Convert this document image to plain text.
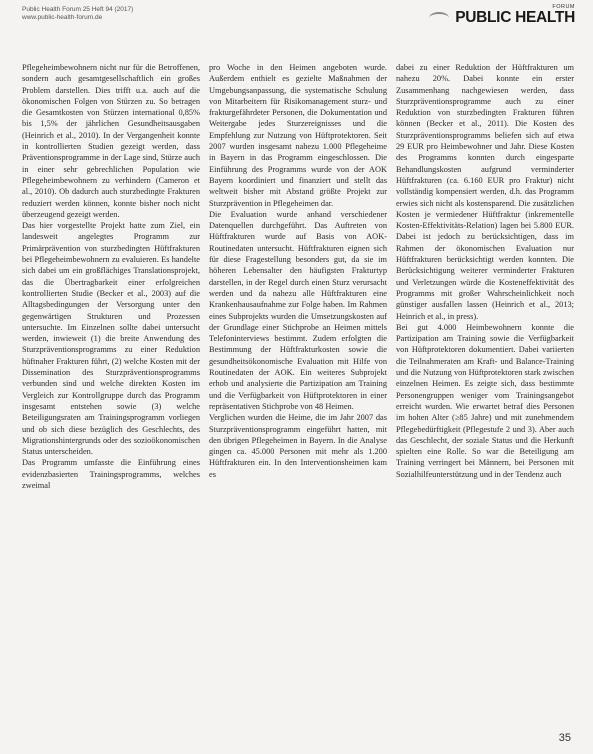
Public Health Forum 25 Heft 94 (2017)
www.public-health-forum.de
FORUM
PUBLIC HEALTH

Pflegeheimbewohnern nicht nur für die Betroffenen, sondern auch gesamtgesellschaftlich ein großes Problem darstellen. Dies trifft u.a. auch auf die ökonomischen Folgen von Stürzen zu. So betragen die Gesamtkosten von Stürzen international 0,85% bis 1,5% der jährlichen Gesundheitsausgaben (Heinrich et al., 2010). In der Vergangenheit konnte in kontrollierten Studien gezeigt werden, dass Präventionsprogramme in der Lage sind, Stürze auch in einer sehr gebrechlichen Population wie Pflegeheimbewohnern zu verhindern (Cameron et al., 2010). Ob dadurch auch sturzbedingte Frakturen reduziert werden können, konnte bisher noch nicht überzeugend gezeigt werden.

Das hier vorgestellte Projekt hatte zum Ziel, ein landesweit angelegtes Programm zur Primärprävention von sturzbedingten Hüftfrakturen bei Pflegeheimbewohnern zu evaluieren. Es handelte sich dabei um ein großflächiges Translationsprojekt, das die Übertragbarkeit einer erfolgreichen kontrollierten Studie (Becker et al., 2003) auf die Alltagsbedingungen der Versorgung unter den gegenwärtigen Strukturen und Prozessen untersuchte. Im Einzelnen sollte dabei untersucht werden, inwieweit (1) die breite Anwendung des Sturzpräventionsprogramms zu einer Reduktion hüftnaher Frakturen führt, (2) welche Kosten mit der Dissemination des Sturzpräventionsprogramms verbunden sind und welche direkten Kosten im Vergleich zur Kontrollgruppe durch das Programm insgesamt entstehen sowie (3) welche Beteiligungsraten am Trainingsprogramm vorliegen und ob sich diese bezüglich des Geschlechts, des Migrationshintergrunds oder des sozioökonomischen Status unterscheiden.

Das Programm umfasste die Einführung eines evidenzbasierten Trainingsprogramms, welches zweimal

pro Woche in den Heimen angeboten wurde. Außerdem enthielt es gezielte Maßnahmen der Umgebungsanpassung, die systematische Schulung von Mitarbeitern für Risikomanagement sturz- und frakturgefährdeter Personen, die Dokumentation und Weitergabe jedes Sturzereignisses und die Empfehlung zur Nutzung von Hüftprotektoren. Seit 2007 wurden insgesamt nahezu 1.000 Pflegeheime in Bayern in das Programm eingeschlossen. Die Einführung des Programms wurde von der AOK Bayern koordiniert und finanziert und stellt das weltweit bisher mit Abstand größte Projekt zur Sturzprävention in Pflegeheimen dar.

Die Evaluation wurde anhand verschiedener Datenquellen durchgeführt. Das Auftreten von Hüftfrakturen wurde auf Basis von AOK-Routinedaten untersucht. Hüftfrakturen eignen sich für diese Fragestellung besonders gut, da sie im höheren Lebensalter den häufigsten Frakturtyp darstellen, in der Regel durch einen Sturz verursacht werden und da nahezu alle Hüftfrakturen eine Krankenhausaufnahme zur Folge haben. Im Rahmen eines Subprojekts wurden die Umsetzungskosten auf der Grundlage einer Stichprobe an Heimen mittels Telefoninterviews bestimmt. Zudem erfolgten die Bestimmung der Hüftfrakturkosten sowie die gesundheitsökonomische Evaluation mit Hilfe von Routinedaten der AOK. Ein weiteres Subprojekt erhob und analysierte die Partizipation am Training und die Verfügbarkeit von Hüftprotektoren in einer repräsentativen Stichprobe von 48 Heimen.

Verglichen wurden die Heime, die im Jahr 2007 das Sturzpräventionsprogramm eingeführt hatten, mit den übrigen Pflegeheimen in Bayern. In die Analyse gingen ca. 45.000 Personen mit mehr als 1.200 Hüftfrakturen ein. In den Interventionsheimen kam es

dabei zu einer Reduktion der Hüftfrakturen um nahezu 20%. Dabei konnte ein erster Zusammenhang nachgewiesen werden, dass Sturzpräventionsprogramme auch zu einer Reduktion von sturzbedingten Frakturen führen können (Becker et al., 2011). Die Kosten des Sturzpräventionsprogramms beliefen sich auf etwa 29 EUR pro Heimbewohner und Jahr. Diese Kosten des Programms konnten durch eingesparte Behandlungskosten aufgrund verminderter Hüftfrakturen (ca. 6.160 EUR pro Fraktur) nicht vollständig kompensiert werden, d.h. das Programm erwies sich nicht als kostensparend. Die zusätzlichen Kosten je vermiedener Hüftfraktur (inkrementelle Kosten-Effektivitäts-Relation) lagen bei 5.800 EUR. Dabei ist jedoch zu berücksichtigen, dass im Rahmen der ökonomischen Evaluation nur Hüftfrakturen berücksichtigt werden konnten. Die Berücksichtigung weiterer verminderter Frakturen und Verletzungen würde die Kosteneffektivität des Programms mit großer Wahrscheinlichkeit noch günstiger ausfallen lassen (Heinrich et al., 2013; Heinrich et al., in press).

Bei gut 4.000 Heimbewohnern konnte die Partizipation am Training sowie die Verfügbarkeit von Hüftprotektoren dokumentiert. Dabei variierten die Teilnahmeraten am Kraft- und Balance-Training und die Nutzung von Hüftprotektoren stark zwischen einzelnen Heimen. Es zeigte sich, dass bestimmte Personengruppen weniger vom Trainingsangebot erreicht wurden. Wie erwartet betraf dies Personen im hohen Alter (≥85 Jahre) und mit zunehmendem Pflegebedürftigkeit (Pflegestufe 2 und 3). Aber auch das Geschlecht, der soziale Status und die Herkunft spielten eine Rolle. So war die Beteiligung am Training verringert bei Männern, bei Personen mit Sozialhilfeunterstützung und in der Tendenz auch

35
